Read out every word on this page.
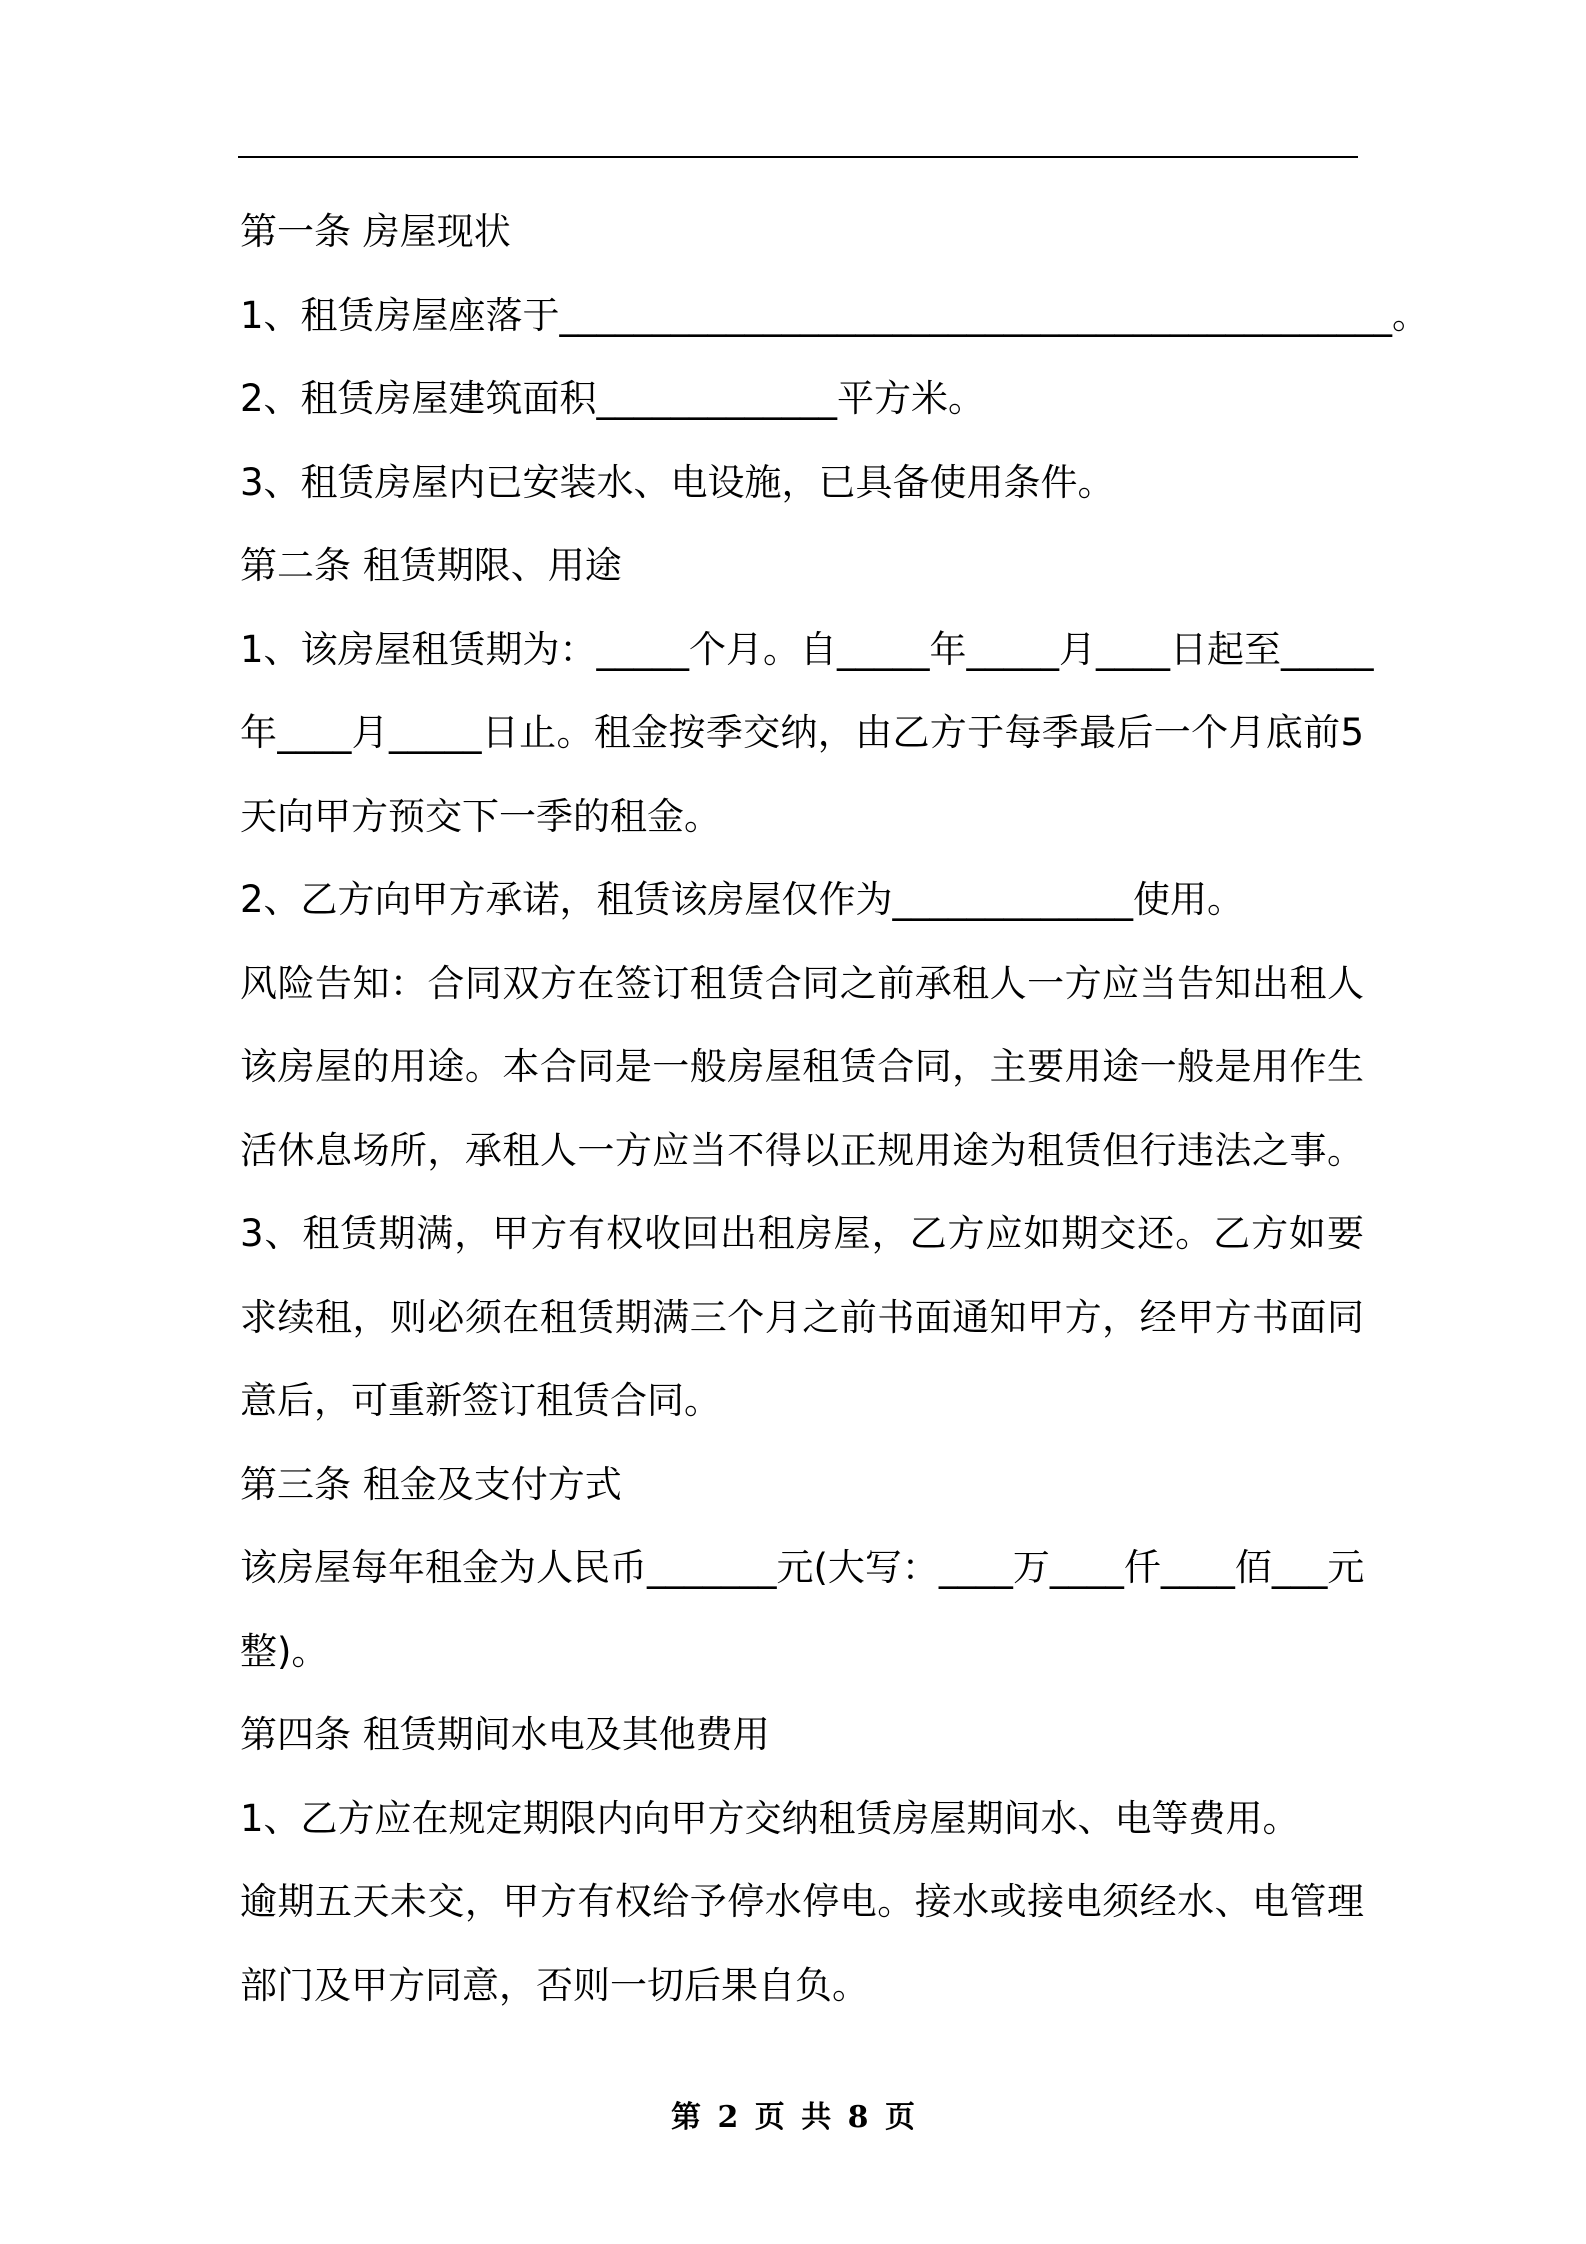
第一条 房屋现状
1、租赁房屋座落于_____________________________________________。
2、租赁房屋建筑面积_____________平方米。
3、租赁房屋内已安装水、电设施，已具备使用条件。
第二条 租赁期限、用途
1、该房屋租赁期为：_____个月。自_____年_____月____日起至_____
年____月_____日止。租金按季交纳，由乙方于每季最后一个月底前5
天向甲方预交下一季的租金。
2、乙方向甲方承诺，租赁该房屋仅作为_____________使用。
风险告知：合同双方在签订租赁合同之前承租人一方应当告知出租人
该房屋的用途。本合同是一般房屋租赁合同，主要用途一般是用作生
活休息场所，承租人一方应当不得以正规用途为租赁但行违法之事。
3、租赁期满，甲方有权收回出租房屋，乙方应如期交还。乙方如要
求续租，则必须在租赁期满三个月之前书面通知甲方，经甲方书面同
意后，可重新签订租赁合同。
第三条 租金及支付方式
该房屋每年租金为人民币_______元(大写：____万____仟____佰___元
整)。
第四条 租赁期间水电及其他费用
1、乙方应在规定期限内向甲方交纳租赁房屋期间水、电等费用。
逾期五天未交，甲方有权给予停水停电。接水或接电须经水、电管理
部门及甲方同意，否则一切后果自负。
第 2 页 共 8 页
